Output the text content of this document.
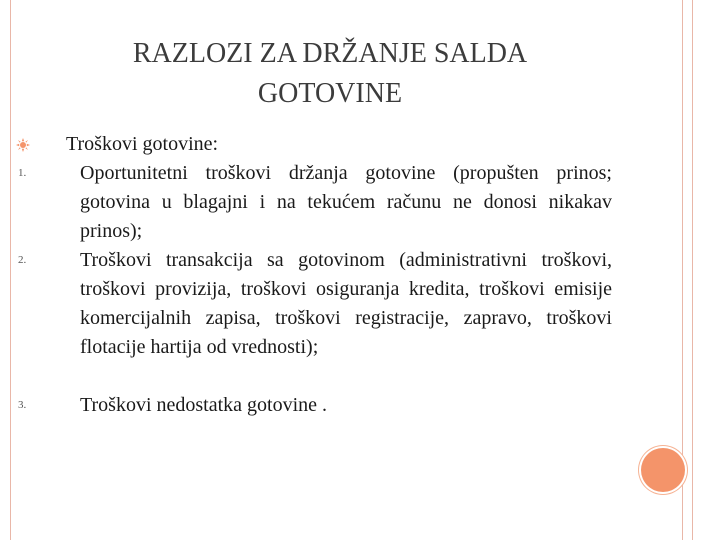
RAZLOZI ZA DRŽANJE SALDA
GOTOVINE
Troškovi gotovine:
1.	Oportunitetni troškovi držanja gotovine (propušten prinos; gotovina u blagajni i na tekućem računu ne donosi nikakav prinos);
2.	Troškovi transakcija sa gotovinom (administrativni troškovi, troškovi provizija, troškovi osiguranja kredita, troškovi emisije komercijalnih zapisa, troškovi registracije, zapravo, troškovi flotacije hartija od vrednosti);
3.	Troškovi nedostatka gotovine .
